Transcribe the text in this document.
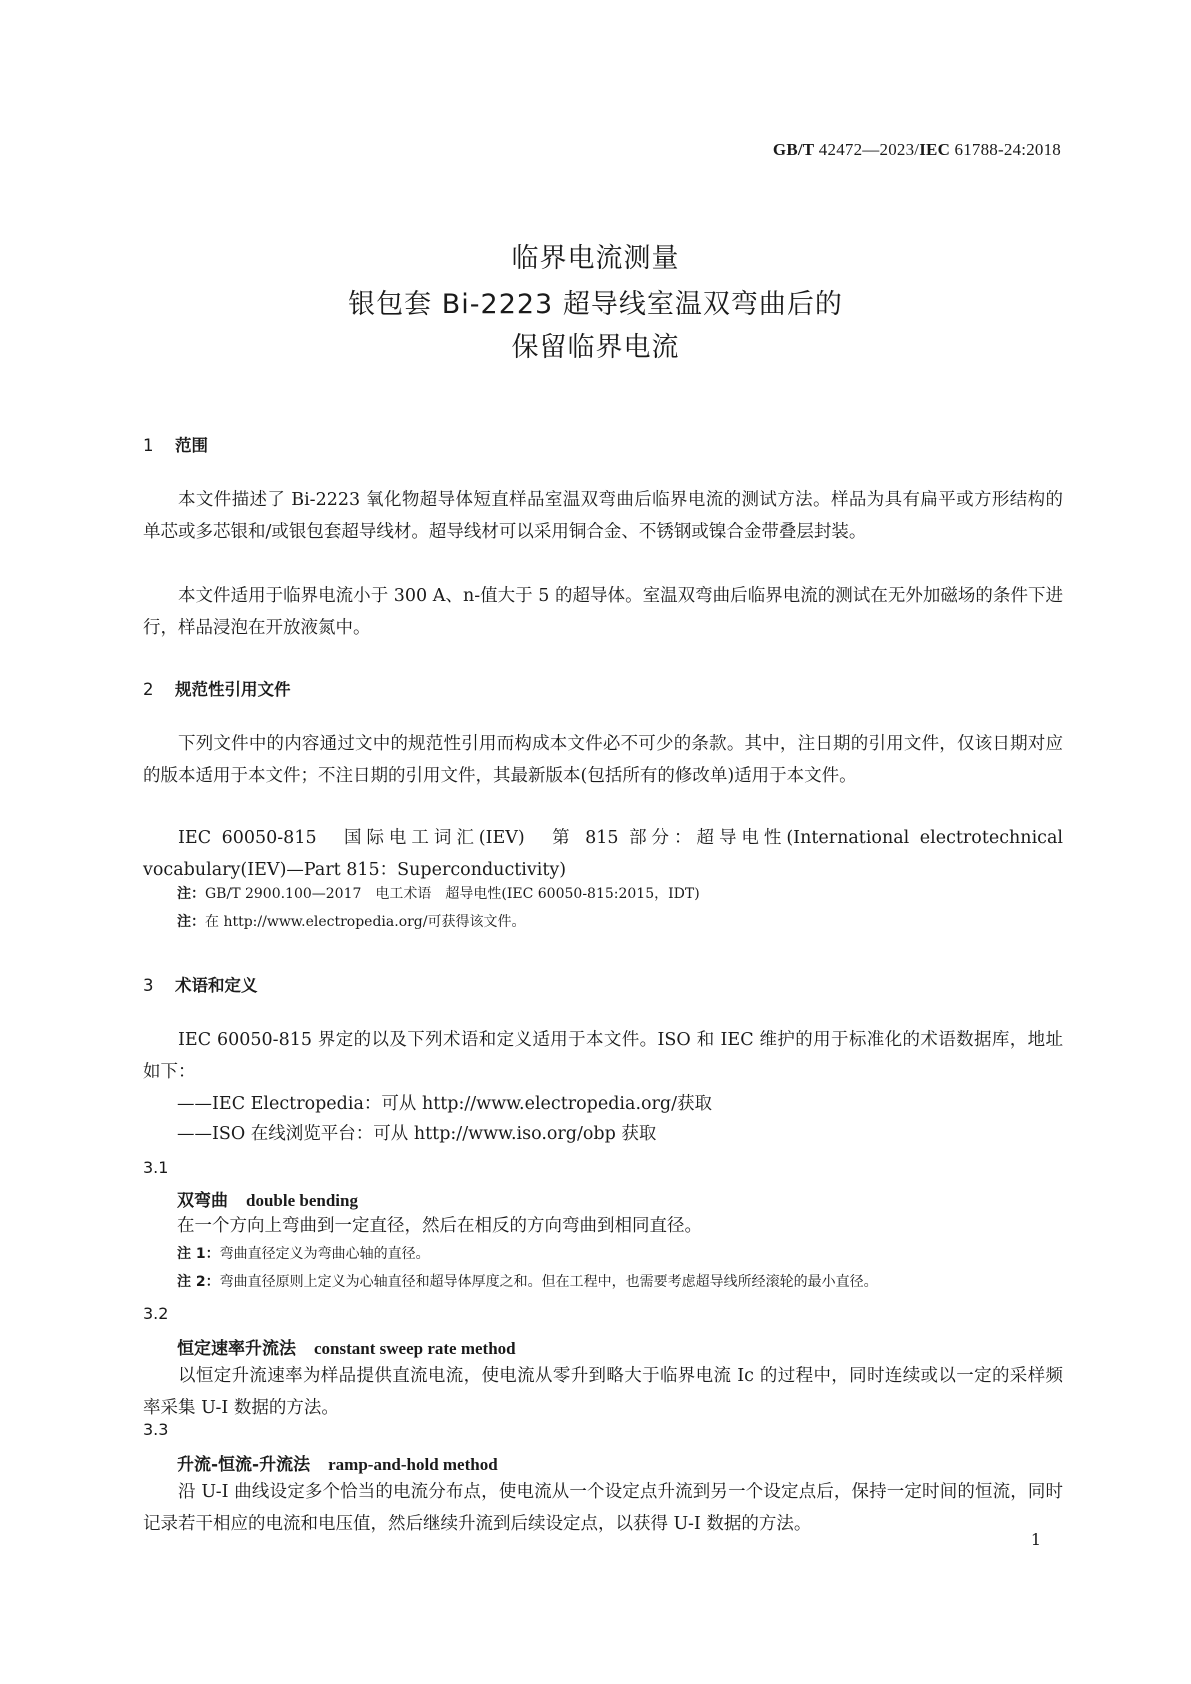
GB/T 42472—2023/IEC 61788-24:2018
临界电流测量
银包套 Bi-2223 超导线室温双弯曲后的
保留临界电流
1 范围
本文件描述了 Bi-2223 氧化物超导体短直样品室温双弯曲后临界电流的测试方法。样品为具有扁平或方形结构的单芯或多芯银和/或银包套超导线材。超导线材可以采用铜合金、不锈钢或镍合金带叠层封装。
本文件适用于临界电流小于 300 A、n-值大于 5 的超导体。室温双弯曲后临界电流的测试在无外加磁场的条件下进行，样品浸泡在开放液氮中。
2 规范性引用文件
下列文件中的内容通过文中的规范性引用而构成本文件必不可少的条款。其中，注日期的引用文件，仅该日期对应的版本适用于本文件；不注日期的引用文件，其最新版本(包括所有的修改单)适用于本文件。
IEC 60050-815　国际电工词汇(IEV)　第 815 部分：超导电性(International electrotechnical vocabulary(IEV)—Part 815：Superconductivity)
注：GB/T 2900.100—2017　电工术语　超导电性(IEC 60050-815:2015，IDT)
注：在 http://www.electropedia.org/可获得该文件。
3 术语和定义
IEC 60050-815 界定的以及下列术语和定义适用于本文件。ISO 和 IEC 维护的用于标准化的术语数据库，地址如下：
——IEC Electropedia：可从 http://www.electropedia.org/获取
——ISO 在线浏览平台：可从 http://www.iso.org/obp 获取
3.1
双弯曲 double bending
在一个方向上弯曲到一定直径，然后在相反的方向弯曲到相同直径。
注 1：弯曲直径定义为弯曲心轴的直径。
注 2：弯曲直径原则上定义为心轴直径和超导体厚度之和。但在工程中，也需要考虑超导线所经滚轮的最小直径。
3.2
恒定速率升流法 constant sweep rate method
以恒定升流速率为样品提供直流电流，使电流从零升到略大于临界电流 Ic 的过程中，同时连续或以一定的采样频率采集 U-I 数据的方法。
3.3
升流-恒流-升流法 ramp-and-hold method
沿 U-I 曲线设定多个恰当的电流分布点，使电流从一个设定点升流到另一个设定点后，保持一定时间的恒流，同时记录若干相应的电流和电压值，然后继续升流到后续设定点，以获得 U-I 数据的方法。
1
